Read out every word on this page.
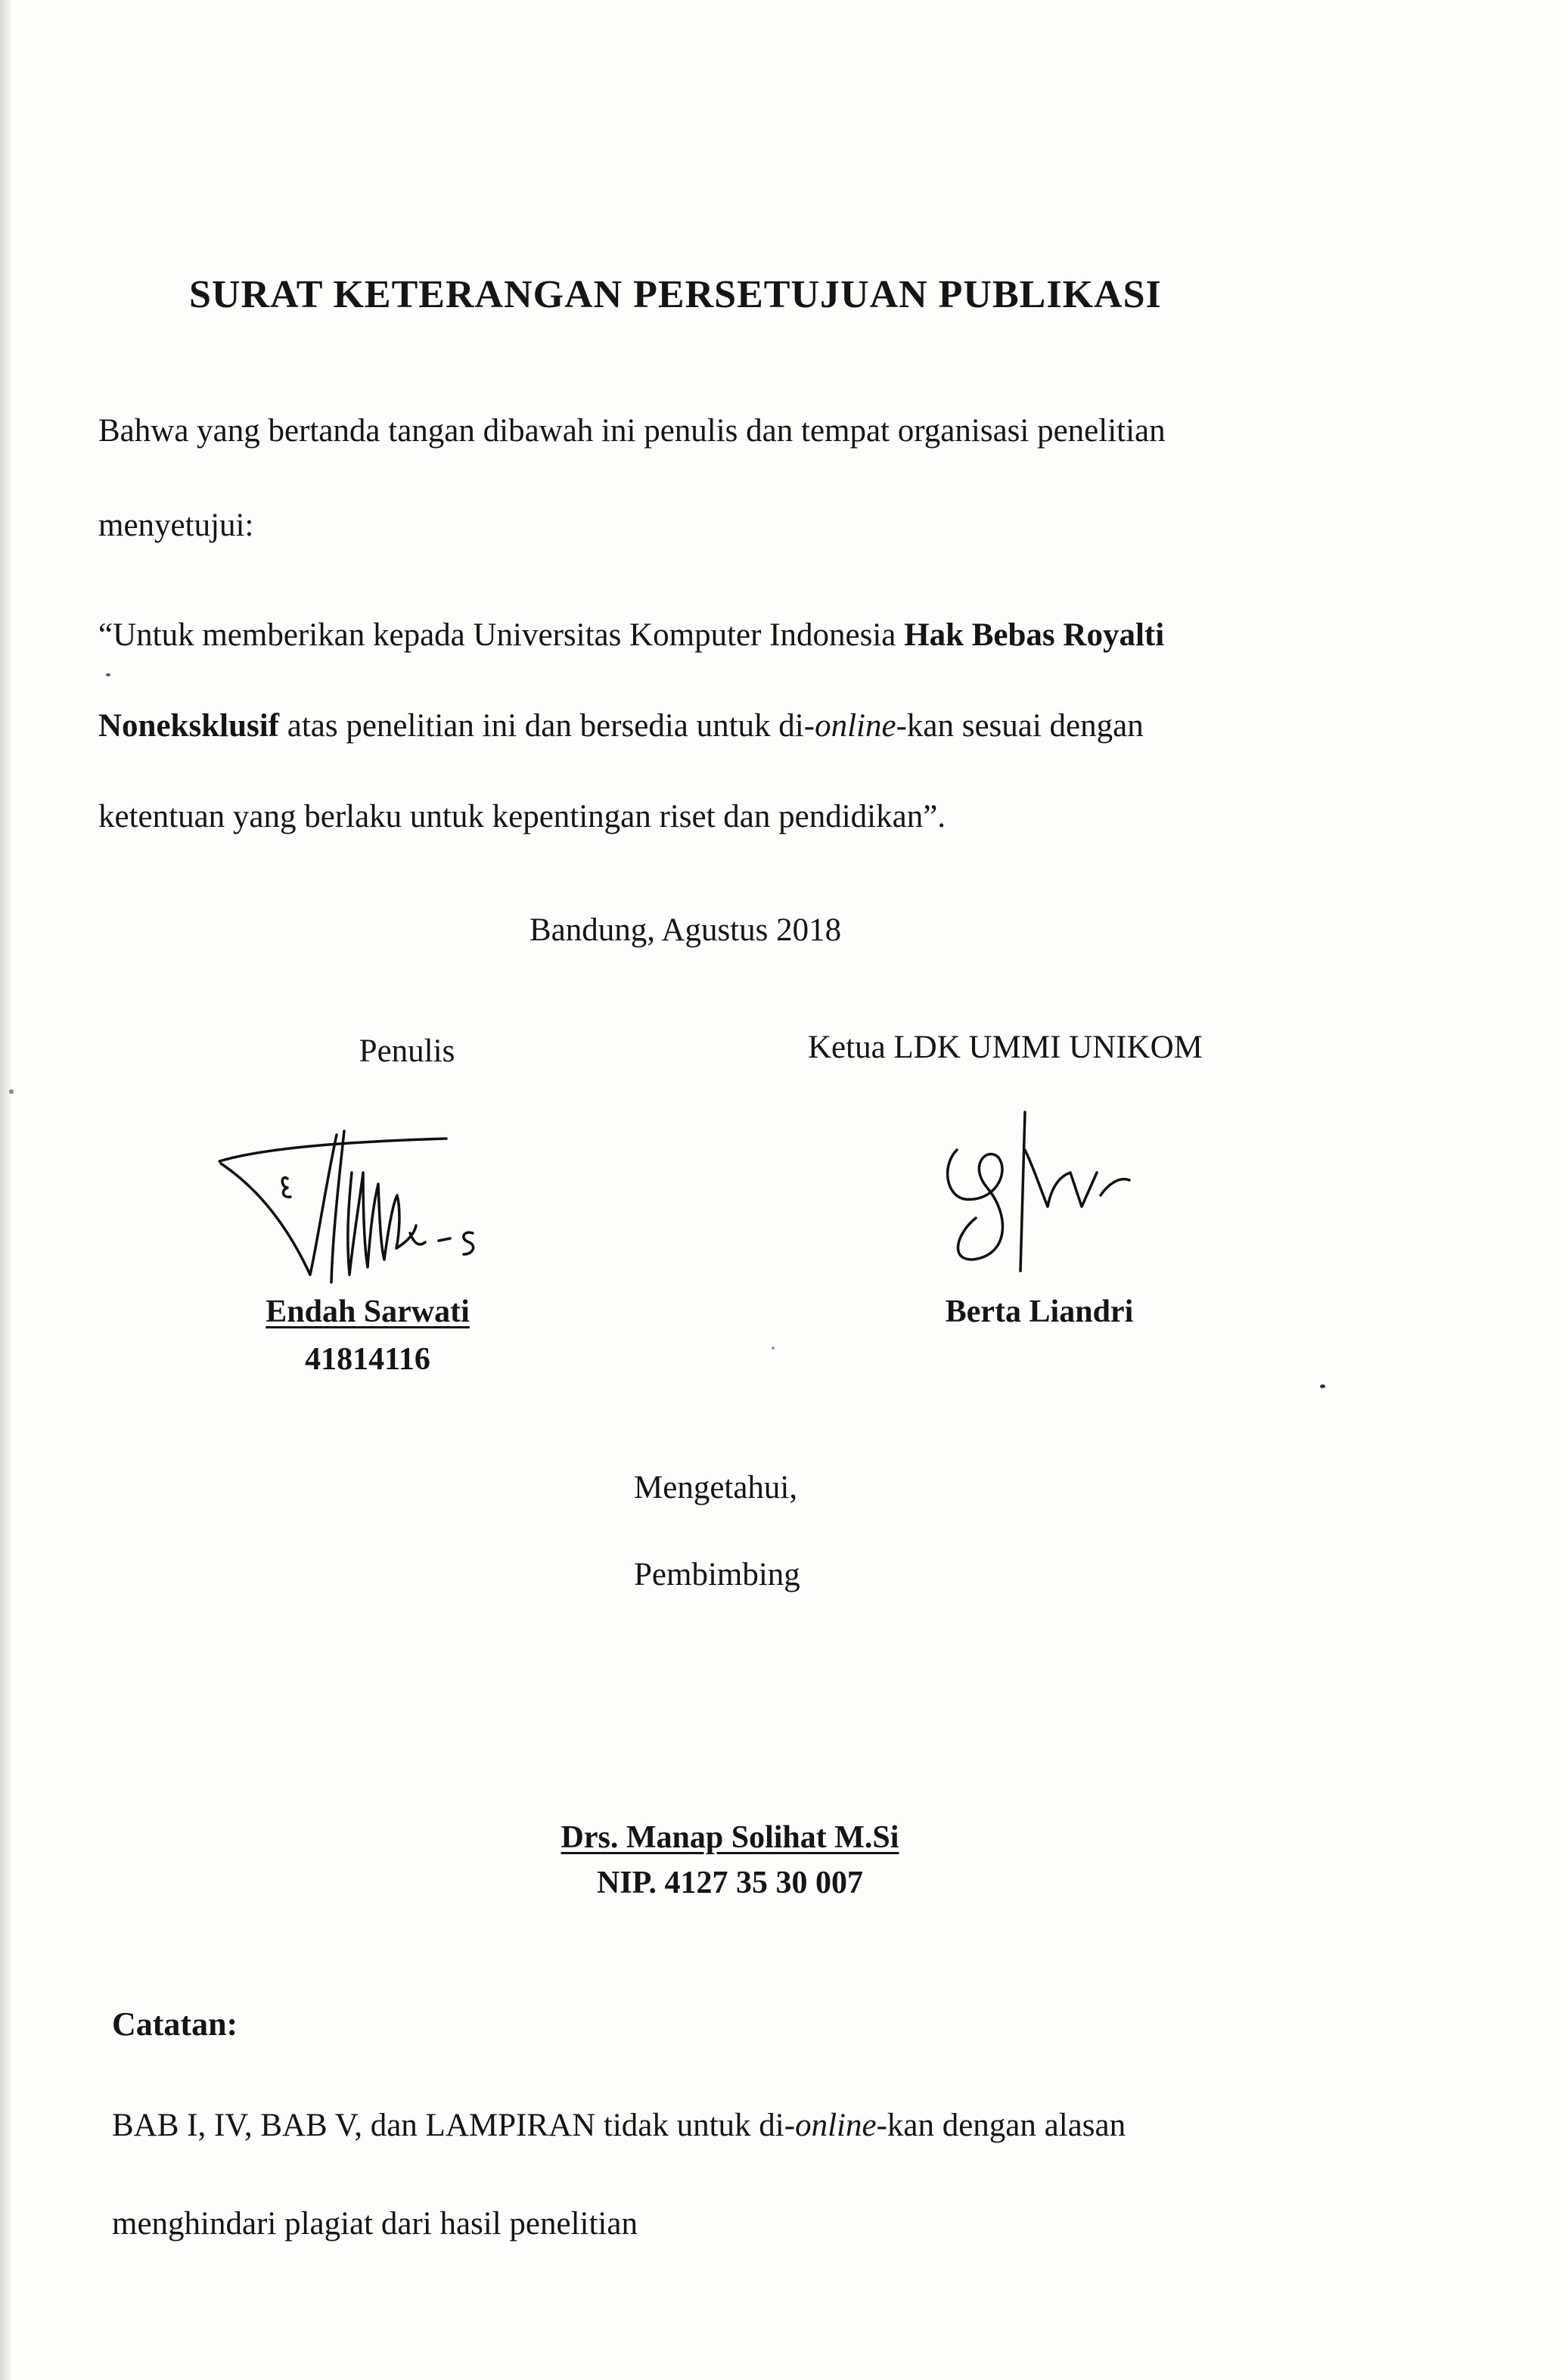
SURAT KETERANGAN PERSETUJUAN PUBLIKASI
Bahwa yang bertanda tangan dibawah ini penulis dan tempat organisasi penelitian
menyetujui:
“Untuk memberikan kepada Universitas Komputer Indonesia Hak Bebas Royalti
Noneksklusif atas penelitian ini dan bersedia untuk di-online-kan sesuai dengan
ketentuan yang berlaku untuk kepentingan riset dan pendidikan”.
Bandung, Agustus 2018
Penulis	Ketua LDK UMMI UNIKOM
Endah Sarwati
41814116
Berta Liandri
Mengetahui,
Pembimbing
Drs. Manap Solihat M.Si
NIP. 4127 35 30 007
Catatan:
BAB I, IV, BAB V, dan LAMPIRAN tidak untuk di-online-kan dengan alasan
menghindari plagiat dari hasil penelitian
